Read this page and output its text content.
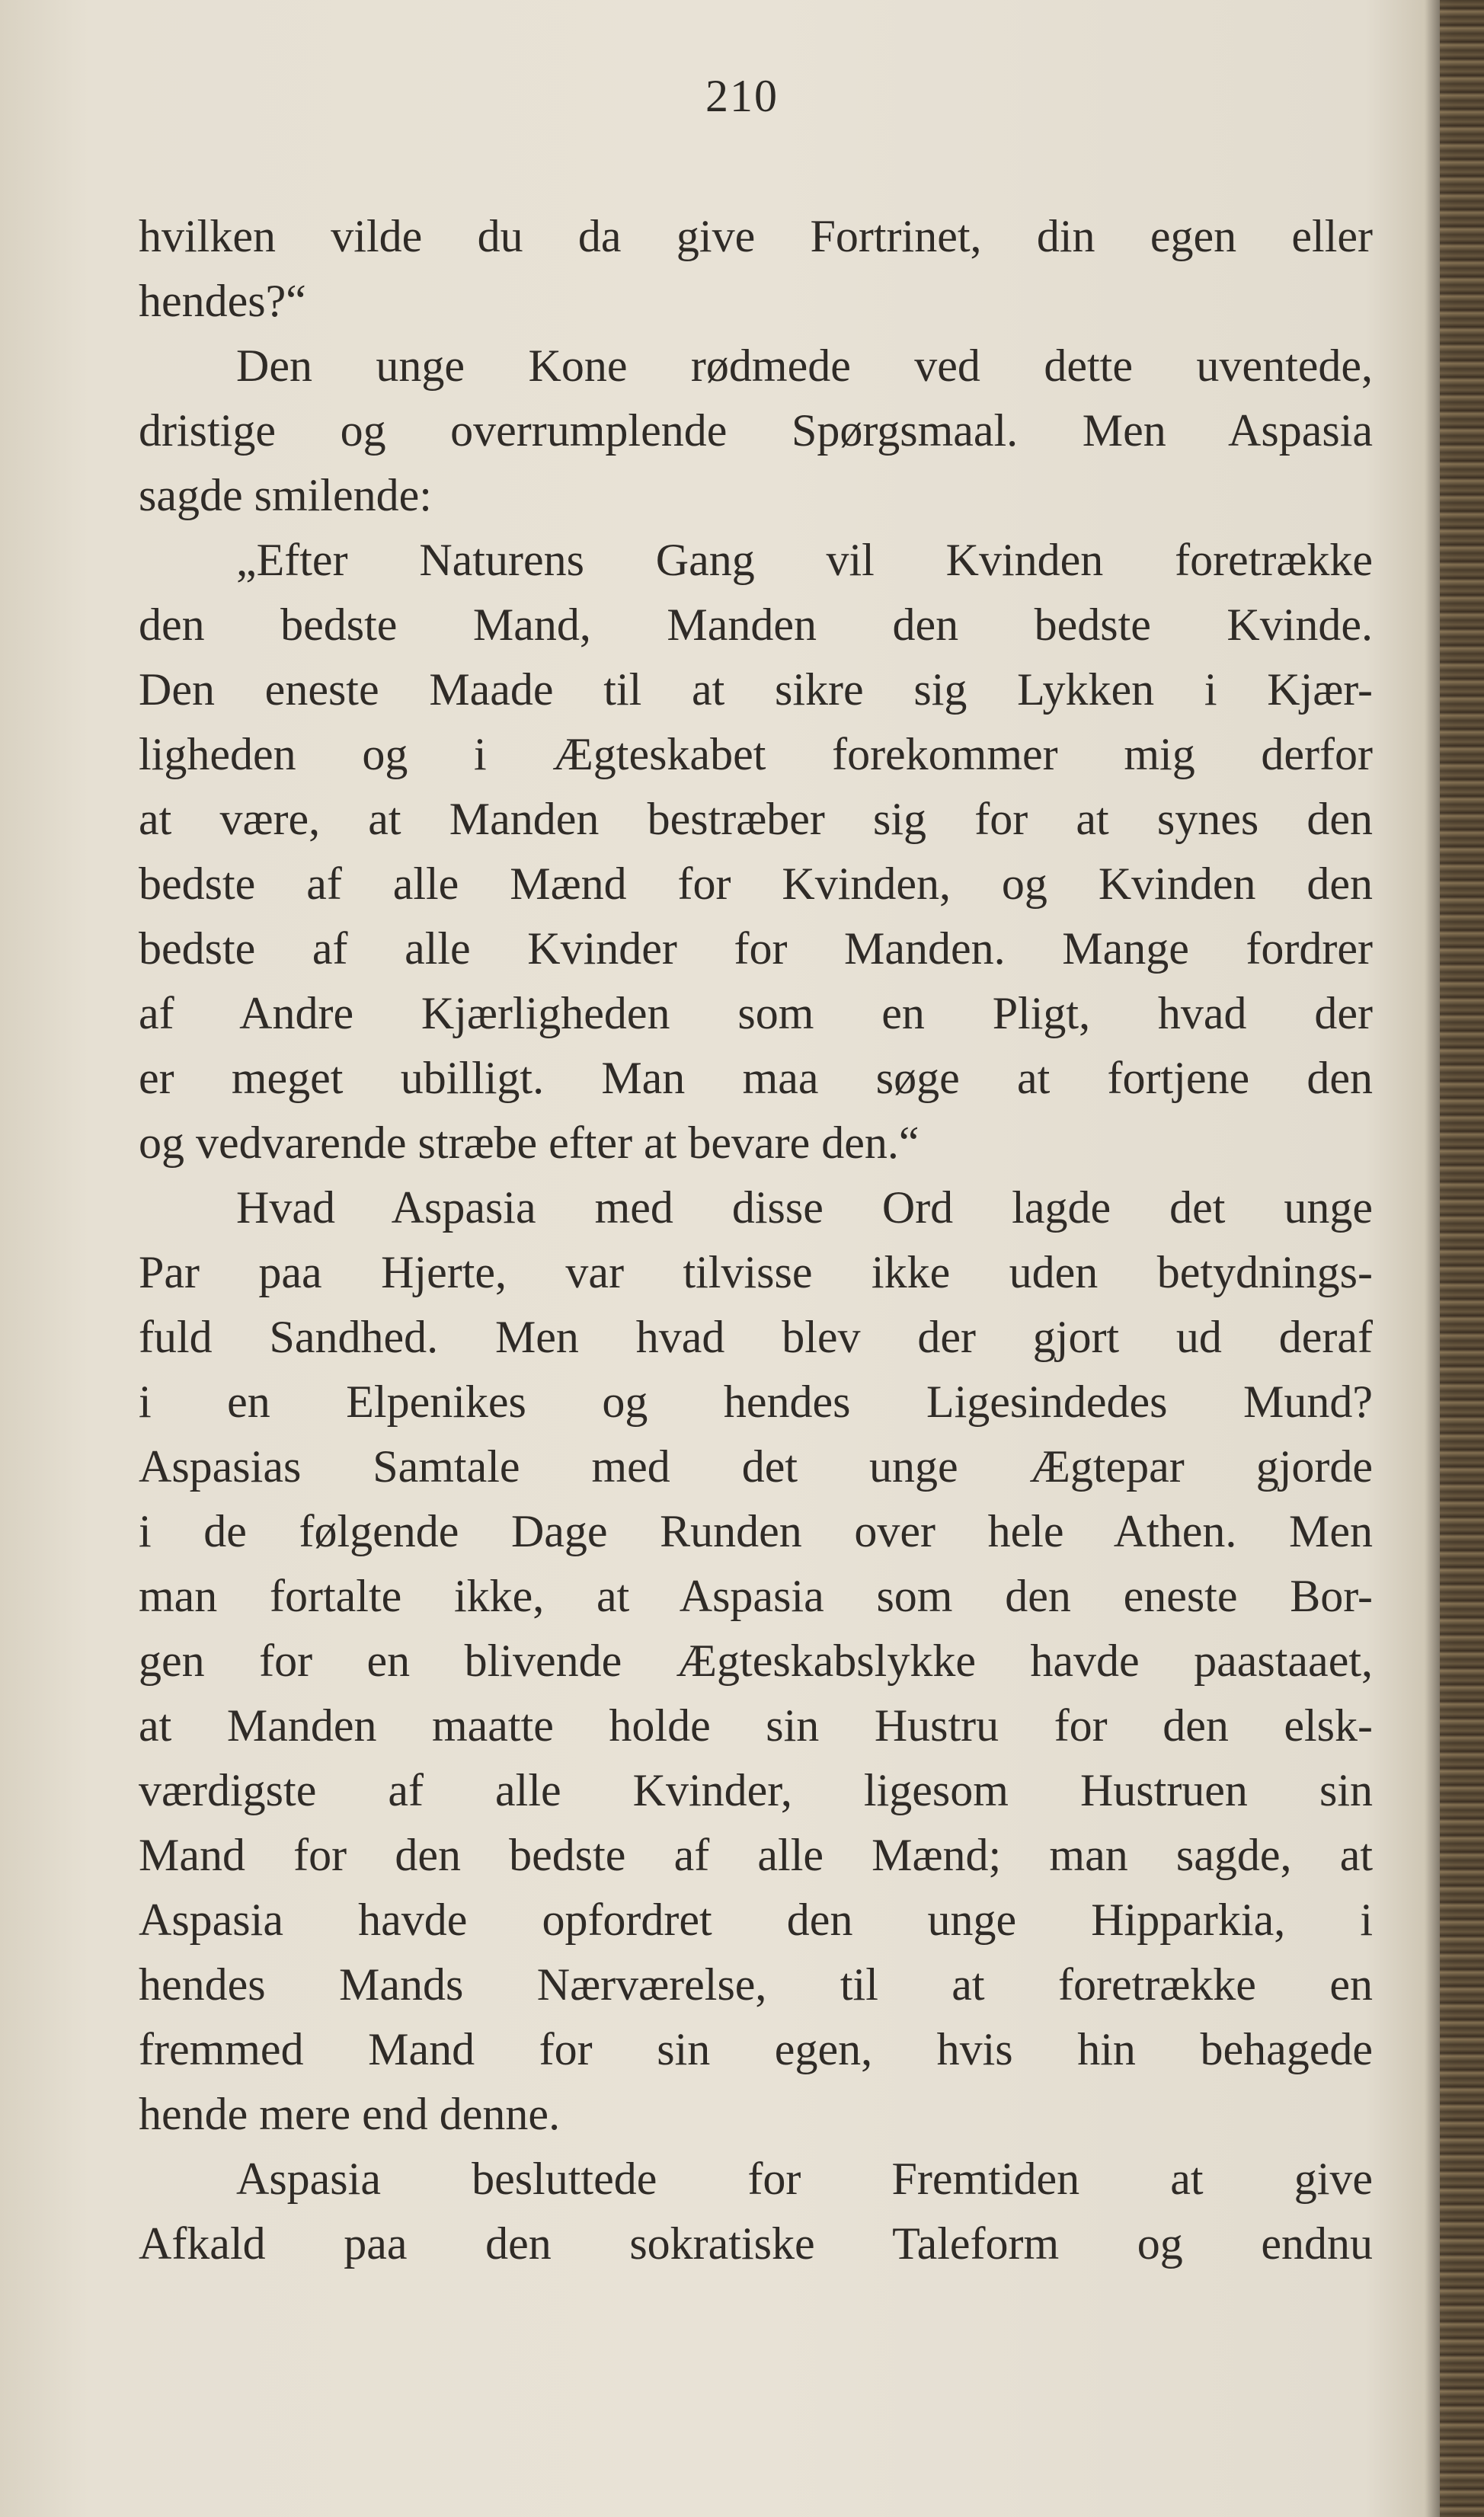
210
hvilken vilde du da give Fortrinet, din egen eller
hendes?“
Den unge Kone rødmede ved dette uventede,
dristige og overrumplende Spørgsmaal. Men Aspasia
sagde smilende:
„Efter Naturens Gang vil Kvinden foretrække
den bedste Mand, Manden den bedste Kvinde.
Den eneste Maade til at sikre sig Lykken i Kjær-
ligheden og i Ægteskabet forekommer mig derfor
at være, at Manden bestræber sig for at synes den
bedste af alle Mænd for Kvinden, og Kvinden den
bedste af alle Kvinder for Manden. Mange fordrer
af Andre Kjærligheden som en Pligt, hvad der
er meget ubilligt. Man maa søge at fortjene den
og vedvarende stræbe efter at bevare den.“
Hvad Aspasia med disse Ord lagde det unge
Par paa Hjerte, var tilvisse ikke uden betydnings-
fuld Sandhed. Men hvad blev der gjort ud deraf
i en Elpenikes og hendes Ligesindedes Mund?
Aspasias Samtale med det unge Ægtepar gjorde
i de følgende Dage Runden over hele Athen. Men
man fortalte ikke, at Aspasia som den eneste Bor-
gen for en blivende Ægteskabslykke havde paastaaet,
at Manden maatte holde sin Hustru for den elsk-
værdigste af alle Kvinder, ligesom Hustruen sin
Mand for den bedste af alle Mænd; man sagde, at
Aspasia havde opfordret den unge Hipparkia, i
hendes Mands Nærværelse, til at foretrække en
fremmed Mand for sin egen, hvis hin behagede
hende mere end denne.
Aspasia besluttede for Fremtiden at give
Afkald paa den sokratiske Taleform og endnu
